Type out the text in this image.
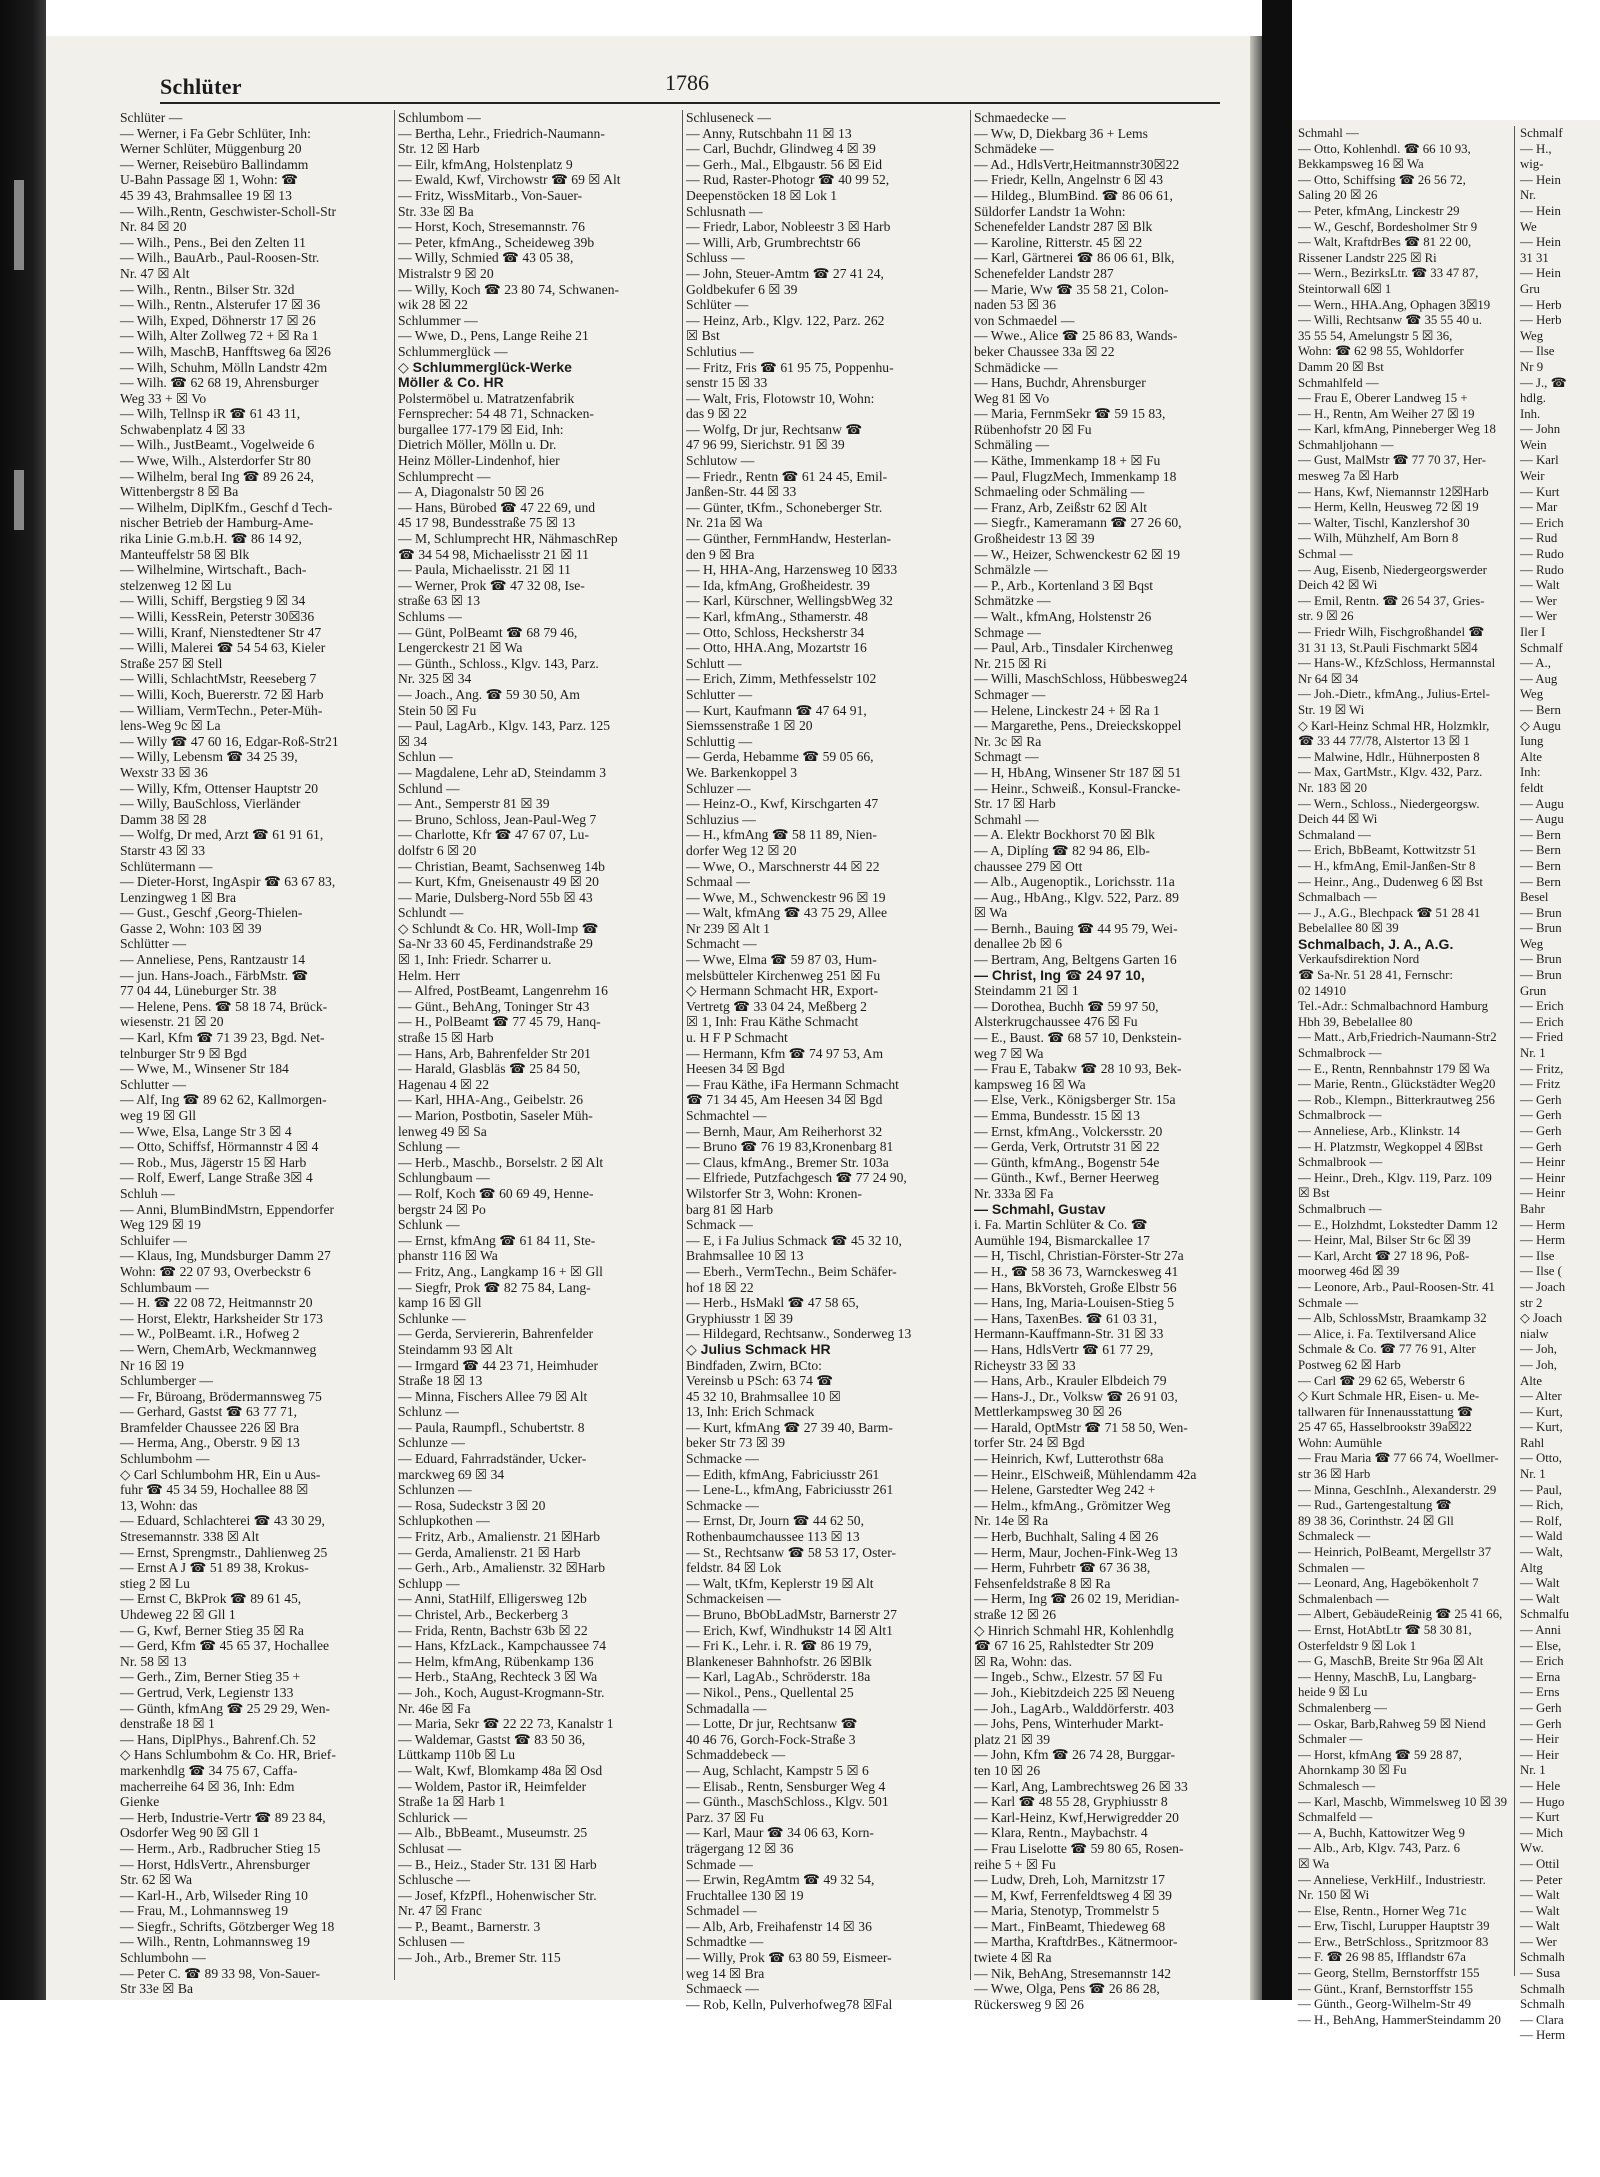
Schlüter	1786
Schlüter —
— Werner, i Fa Gebr Schlüter, Inh:
Werner Schlüter, Müggenburg 20
— Werner, Reisebüro Ballindamm
U-Bahn Passage ☒ 1, Wohn: ☎
45 39 43, Brahmsallee 19 ☒ 13
— Wilh.,Rentn, Geschwister-Scholl-Str
Nr. 84 ☒ 20
— Wilh., Pens., Bei den Zelten 11
— Wilh., BauArb., Paul-Roosen-Str.
Nr. 47 ☒ Alt
— Wilh., Rentn., Bilser Str. 32d
— Wilh., Rentn., Alsterufer 17 ☒ 36
— Wilh, Exped, Döhnerstr 17 ☒ 26
— Wilh, Alter Zollweg 72 + ☒ Ra 1
— Wilh, MaschB, Hanfftsweg 6a ☒26
— Wilh, Schuhm, Mölln Landstr 42m
— Wilh. ☎ 62 68 19, Ahrensburger
Weg 33 + ☒ Vo
— Wilh, Tellnsp iR ☎ 61 43 11,
Schwabenplatz 4 ☒ 33
— Wilh., JustBeamt., Vogelweide 6
— Wwe, Wilh., Alsterdorfer Str 80
— Wilhelm, beral Ing ☎ 89 26 24,
Wittenbergstr 8 ☒ Ba
— Wilhelm, DiplKfm., Geschf d Tech-
nischer Betrieb der Hamburg-Ame-
rika Linie G.m.b.H. ☎ 86 14 92,
Manteuffelstr 58 ☒ Blk
— Wilhelmine, Wirtschaft., Bach-
stelzenweg 12 ☒ Lu
— Willi, Schiff, Bergstieg 9 ☒ 34
— Willi, KessRein, Peterstr 30☒36
— Willi, Kranf, Nienstedtener Str 47
— Willi, Malerei ☎ 54 54 63, Kieler
Straße 257 ☒ Stell
— Willi, SchlachtMstr, Reeseberg 7
— Willi, Koch, Buererstr. 72 ☒ Harb
— William, VermTechn., Peter-Müh-
lens-Weg 9c ☒ La
— Willy ☎ 47 60 16, Edgar-Roß-Str21
— Willy, Lebensm ☎ 34 25 39,
Wexstr 33 ☒ 36
— Willy, Kfm, Ottenser Hauptstr 20
— Willy, BauSchloss, Vierländer
Damm 38 ☒ 28
— Wolfg, Dr med, Arzt ☎ 61 91 61,
Starstr 43 ☒ 33
Schlütermann —
— Dieter-Horst, IngAspir ☎ 63 67 83,
Lenzingweg 1 ☒ Bra
— Gust., Geschf ,Georg-Thielen-
Gasse 2, Wohn: 103 ☒ 39
Schlütter —
— Anneliese, Pens, Rantzaustr 14
— jun. Hans-Joach., FärbMstr. ☎
77 04 44, Lüneburger Str. 38
— Helene, Pens. ☎ 58 18 74, Brück-
wiesenstr. 21 ☒ 20
— Karl, Kfm ☎ 71 39 23, Bgd. Net-
telnburger Str 9 ☒ Bgd
— Wwe, M., Winsener Str 184
Schlutter —
— Alf, Ing ☎ 89 62 62, Kallmorgen-
weg 19 ☒ Gll
— Wwe, Elsa, Lange Str 3 ☒ 4
— Otto, Schiffsf, Hörmannstr 4 ☒ 4
— Rob., Mus, Jägerstr 15 ☒ Harb
— Rolf, Ewerf, Lange Straße 3☒ 4
Schluh —
— Anni, BlumBindMstrn, Eppendorfer
Weg 129 ☒ 19
Schluifer —
— Klaus, Ing, Mundsburger Damm 27
Wohn: ☎ 22 07 93, Overbeckstr 6
Schlumbaum —
— H. ☎ 22 08 72, Heitmannstr 20
— Horst, Elektr, Harksheider Str 173
— W., PolBeamt. i.R., Hofweg 2
— Wern, ChemArb, Weckmannweg
Nr 16 ☒ 19
Schlumberger —
— Fr, Büroang, Brödermannsweg 75
— Gerhard, Gastst ☎ 63 77 71,
Bramfelder Chaussee 226 ☒ Bra
— Herma, Ang., Oberstr. 9 ☒ 13
Schlumbohm —
◇ Carl Schlumbohm HR, Ein u Aus-
fuhr ☎ 45 34 59, Hochallee 88 ☒
13, Wohn: das
— Eduard, Schlachterei ☎ 43 30 29,
Stresemannstr. 338 ☒ Alt
— Ernst, Sprengmstr., Dahlienweg 25
— Ernst A J ☎ 51 89 38, Krokus-
stieg 2 ☒ Lu
— Ernst C, BkProk ☎ 89 61 45,
Uhdeweg 22 ☒ Gll 1
— G, Kwf, Berner Stieg 35 ☒ Ra
— Gerd, Kfm ☎ 45 65 37, Hochallee
Nr. 58 ☒ 13
— Gerh., Zim, Berner Stieg 35 +
— Gertrud, Verk, Legienstr 133
— Günth, kfmAng ☎ 25 29 29, Wen-
denstraße 18 ☒ 1
— Hans, DiplPhys., Bahrenf.Ch. 52
◇ Hans Schlumbohm & Co. HR, Brief-
markenhdlg ☎ 34 75 67, Caffa-
macherreihe 64 ☒ 36, Inh: Edm
Gienke
— Herb, Industrie-Vertr ☎ 89 23 84,
Osdorfer Weg 90 ☒ Gll 1
— Herm., Arb., Radbrucher Stieg 15
— Horst, HdlsVertr., Ahrensburger
Str. 62 ☒ Wa
— Karl-H., Arb, Wilseder Ring 10
— Frau, M., Lohmannsweg 19
— Siegfr., Schrifts, Götzberger Weg 18
— Wilh., Rentn, Lohmannsweg 19
Schlumbohn —
— Peter C. ☎ 89 33 98, Von-Sauer-
Str 33e ☒ Ba
Schlumbom —
— Bertha, Lehr., Friedrich-Naumann-
Str. 12 ☒ Harb
— Eilr, kfmAng, Holstenplatz 9
— Ewald, Kwf, Virchowstr ☎ 69 ☒ Alt
— Fritz, WissMitarb., Von-Sauer-
Str. 33e ☒ Ba
— Horst, Koch, Stresemannstr. 76
— Peter, kfmAng., Scheideweg 39b
— Willy, Schmied ☎ 43 05 38,
Mistralstr 9 ☒ 20
— Willy, Koch ☎ 23 80 74, Schwanen-
wik 28 ☒ 22
Schlummer —
— Wwe, D., Pens, Lange Reihe 21
Schlummerglück —
◇ Schlummerglück-Werke
Möller & Co. HR
Polstermöbel u. Matratzenfabrik
Fernsprecher: 54 48 71, Schnacken-
burgallee 177-179 ☒ Eid, Inh:
Dietrich Möller, Mölln u. Dr.
Heinz Möller-Lindenhof, hier
Schlumprecht —
— A, Diagonalstr 50 ☒ 26
— Hans, Bürobed ☎ 47 22 69, und
45 17 98, Bundesstraße 75 ☒ 13
— M, Schlumprecht HR, NähmaschRep
☎ 34 54 98, Michaelisstr 21 ☒ 11
— Paula, Michaelisstr. 21 ☒ 11
— Werner, Prok ☎ 47 32 08, Ise-
straße 63 ☒ 13
Schlums —
— Günt, PolBeamt ☎ 68 79 46,
Lengerckestr 21 ☒ Wa
— Günth., Schloss., Klgv. 143, Parz.
Nr. 325 ☒ 34
— Joach., Ang. ☎ 59 30 50, Am
Stein 50 ☒ Fu
— Paul, LagArb., Klgv. 143, Parz. 125
☒ 34
Schlun —
— Magdalene, Lehr aD, Steindamm 3
Schlund —
— Ant., Semperstr 81 ☒ 39
— Bruno, Schloss, Jean-Paul-Weg 7
— Charlotte, Kfr ☎ 47 67 07, Lu-
dolfstr 6 ☒ 20
— Christian, Beamt, Sachsenweg 14b
— Kurt, Kfm, Gneisenaustr 49 ☒ 20
— Marie, Dulsberg-Nord 55b ☒ 43
Schlundt —
◇ Schlundt & Co. HR, Woll-Imp ☎
Sa-Nr 33 60 45, Ferdinandstraße 29
☒ 1, Inh: Friedr. Scharrer u.
Helm. Herr
— Alfred, PostBeamt, Langenrehm 16
— Günt., BehAng, Toninger Str 43
— H., PolBeamt ☎ 77 45 79, Hanq-
straße 15 ☒ Harb
— Hans, Arb, Bahrenfelder Str 201
— Harald, Glasbläs ☎ 25 84 50,
Hagenau 4 ☒ 22
— Karl, HHA-Ang., Geibelstr. 26
— Marion, Postbotin, Saseler Müh-
lenweg 49 ☒ Sa
Schlung —
— Herb., Maschb., Borselstr. 2 ☒ Alt
Schlungbaum —
— Rolf, Koch ☎ 60 69 49, Henne-
bergstr 24 ☒ Po
Schlunk —
— Ernst, kfmAng ☎ 61 84 11, Ste-
phanstr 116 ☒ Wa
— Fritz, Ang., Langkamp 16 + ☒ Gll
— Siegfr, Prok ☎ 82 75 84, Lang-
kamp 16 ☒ Gll
Schlunke —
— Gerda, Serviererin, Bahrenfelder
Steindamm 93 ☒ Alt
— Irmgard ☎ 44 23 71, Heimhuder
Straße 18 ☒ 13
— Minna, Fischers Allee 79 ☒ Alt
Schlunz —
— Paula, Raumpfl., Schubertstr. 8
Schlunze —
— Eduard, Fahrradständer, Ucker-
marckweg 69 ☒ 34
Schlunzen —
— Rosa, Sudeckstr 3 ☒ 20
Schlupkothen —
— Fritz, Arb., Amalienstr. 21 ☒Harb
— Gerda, Amalienstr. 21 ☒ Harb
— Gerh., Arb., Amalienstr. 32 ☒Harb
Schlupp —
— Anni, StatHilf, Elligersweg 12b
— Christel, Arb., Beckerberg 3
— Frida, Rentn, Bachstr 63b ☒ 22
— Hans, KfzLack., Kampchaussee 74
— Helm, kfmAng, Rübenkamp 136
— Herb., StaAng, Rechteck 3 ☒ Wa
— Joh., Koch, August-Krogmann-Str.
Nr. 46e ☒ Fa
— Maria, Sekr ☎ 22 22 73, Kanalstr 1
— Waldemar, Gastst ☎ 83 50 36,
Lüttkamp 110b ☒ Lu
— Walt, Kwf, Blomkamp 48a ☒ Osd
— Woldem, Pastor iR, Heimfelder
Straße 1a ☒ Harb 1
Schlurick —
— Alb., BbBeamt., Museumstr. 25
Schlusat —
— B., Heiz., Stader Str. 131 ☒ Harb
Schlusche —
— Josef, KfzPfl., Hohenwischer Str.
Nr. 47 ☒ Franc
— P., Beamt., Barnerstr. 3
Schlusen —
— Joh., Arb., Bremer Str. 115
Schluseneck —
— Anny, Rutschbahn 11 ☒ 13
— Carl, Buchdr, Glindweg 4 ☒ 39
— Gerh., Mal., Elbgaustr. 56 ☒ Eid
— Rud, Raster-Photogr ☎ 40 99 52,
Deepenstöcken 18 ☒ Lok 1
Schlusnath —
— Friedr, Labor, Nobleestr 3 ☒ Harb
— Willi, Arb, Grumbrechtstr 66
Schluss —
— John, Steuer-Amtm ☎ 27 41 24,
Goldbekufer 6 ☒ 39
Schlüter —
— Heinz, Arb., Klgv. 122, Parz. 262
☒ Bst
Schlutius —
— Fritz, Fris ☎ 61 95 75, Poppenhu-
senstr 15 ☒ 33
— Walt, Fris, Flotowstr 10, Wohn:
das 9 ☒ 22
— Wolfg, Dr jur, Rechtsanw ☎
47 96 99, Sierichstr. 91 ☒ 39
Schlutow —
— Friedr., Rentn ☎ 61 24 45, Emil-
Janßen-Str. 44 ☒ 33
— Günter, tKfm., Schoneberger Str.
Nr. 21a ☒ Wa
— Günther, FernmHandw, Hesterlan-
den 9 ☒ Bra
— H, HHA-Ang, Harzensweg 10 ☒33
— Ida, kfmAng, Großheidestr. 39
— Karl, Kürschner, WellingsbWeg 32
— Karl, kfmAng., Sthamerstr. 48
— Otto, Schloss, Hecksherstr 34
— Otto, HHA.Ang, Mozartstr 16
Schlutt —
— Erich, Zimm, Methfesselstr 102
Schlutter —
— Kurt, Kaufmann ☎ 47 64 91,
Siemssenstraße 1 ☒ 20
Schluttig —
— Gerda, Hebamme ☎ 59 05 66,
We. Barkenkoppel 3
Schluzer —
— Heinz-O., Kwf, Kirschgarten 47
Schluzius —
— H., kfmAng ☎ 58 11 89, Nien-
dorfer Weg 12 ☒ 20
— Wwe, O., Marschnerstr 44 ☒ 22
Schmaal —
— Wwe, M., Schwenckestr 96 ☒ 19
— Walt, kfmAng ☎ 43 75 29, Allee
Nr 239 ☒ Alt 1
Schmacht —
— Wwe, Elma ☎ 59 87 03, Hum-
melsbütteler Kirchenweg 251 ☒ Fu
◇ Hermann Schmacht HR, Export-
Vertretg ☎ 33 04 24, Meßberg 2
☒ 1, Inh: Frau Käthe Schmacht
u. H F P Schmacht
— Hermann, Kfm ☎ 74 97 53, Am
Heesen 34 ☒ Bgd
— Frau Käthe, iFa Hermann Schmacht
☎ 71 34 45, Am Heesen 34 ☒ Bgd
Schmachtel —
— Bernh, Maur, Am Reiherhorst 32
— Bruno ☎ 76 19 83,Kronenbarg 81
— Claus, kfmAng., Bremer Str. 103a
— Elfriede, Putzfachgesch ☎ 77 24 90,
Wilstorfer Str 3, Wohn: Kronen-
barg 81 ☒ Harb
Schmack —
— E, i Fa Julius Schmack ☎ 45 32 10,
Brahmsallee 10 ☒ 13
— Eberh., VermTechn., Beim Schäfer-
hof 18 ☒ 22
— Herb., HsMakl ☎ 47 58 65,
Gryphiusstr 1 ☒ 39
— Hildegard, Rechtsanw., Sonderweg 13
◇ Julius Schmack HR
Bindfaden, Zwirn, BCto:
Vereinsb u PSch: 63 74 ☎
45 32 10, Brahmsallee 10 ☒
13, Inh: Erich Schmack
— Kurt, kfmAng ☎ 27 39 40, Barm-
beker Str 73 ☒ 39
Schmacke —
— Edith, kfmAng, Fabriciusstr 261
— Lene-L., kfmAng, Fabriciusstr 261
Schmacke —
— Ernst, Dr, Journ ☎ 44 62 50,
Rothenbaumchaussee 113 ☒ 13
— St., Rechtsanw ☎ 58 53 17, Oster-
feldstr. 84 ☒ Lok
— Walt, tKfm, Keplerstr 19 ☒ Alt
Schmackeisen —
— Bruno, BbObLadMstr, Barnerstr 27
— Erich, Kwf, Windhukstr 14 ☒ Alt1
— Fri K., Lehr. i. R. ☎ 86 19 79,
Blankeneser Bahnhofstr. 26 ☒Blk
— Karl, LagAb., Schröderstr. 18a
— Nikol., Pens., Quellental 25
Schmadalla —
— Lotte, Dr jur, Rechtsanw ☎
40 46 76, Gorch-Fock-Straße 3
Schmaddebeck —
— Aug, Schlacht, Kampstr 5 ☒ 6
— Elisab., Rentn, Sensburger Weg 4
— Günth., MaschSchloss., Klgv. 501
Parz. 37 ☒ Fu
— Karl, Maur ☎ 34 06 63, Korn-
trägergang 12 ☒ 36
Schmade —
— Erwin, RegAmtm ☎ 49 32 54,
Fruchtallee 130 ☒ 19
Schmadel —
— Alb, Arb, Freihafenstr 14 ☒ 36
Schmadtke —
— Willy, Prok ☎ 63 80 59, Eismeer-
weg 14 ☒ Bra
Schmaeck —
— Rob, Kelln, Pulverhofweg78 ☒Fal
Schmaedecke —
— Ww, D, Diekbarg 36 + Lems
Schmädeke —
— Ad., HdlsVertr,Heitmannstr30☒22
— Friedr, Kelln, Angelnstr 6 ☒ 43
— Hildeg., BlumBind. ☎ 86 06 61,
Süldorfer Landstr 1a Wohn:
Schenefelder Landstr 287 ☒ Blk
— Karoline, Ritterstr. 45 ☒ 22
— Karl, Gärtnerei ☎ 86 06 61, Blk,
Schenefelder Landstr 287
— Marie, Ww ☎ 35 58 21, Colon-
naden 53 ☒ 36
von Schmaedel —
— Wwe., Alice ☎ 25 86 83, Wands-
beker Chaussee 33a ☒ 22
Schmädicke —
— Hans, Buchdr, Ahrensburger
Weg 81 ☒ Vo
— Maria, FernmSekr ☎ 59 15 83,
Rübenhofstr 20 ☒ Fu
Schmäling —
— Käthe, Immenkamp 18 + ☒ Fu
— Paul, FlugzMech, Immenkamp 18
Schmaeling oder Schmäling —
— Franz, Arb, Zeißstr 62 ☒ Alt
— Siegfr., Kameramann ☎ 27 26 60,
Großheidestr 13 ☒ 39
— W., Heizer, Schwenckestr 62 ☒ 19
Schmälzle —
— P., Arb., Kortenland 3 ☒ Bqst
Schmätzke —
— Walt., kfmAng, Holstenstr 26
Schmage —
— Paul, Arb., Tinsdaler Kirchenweg
Nr. 215 ☒ Ri
— Willi, MaschSchloss, Hübbesweg24
Schmager —
— Helene, Linckestr 24 + ☒ Ra 1
— Margarethe, Pens., Dreieckskoppel
Nr. 3c ☒ Ra
Schmagt —
— H, HbAng, Winsener Str 187 ☒ 51
— Heinr., Schweiß., Konsul-Francke-
Str. 17 ☒ Harb
Schmahl —
— A. Elektr Bockhorst 70 ☒ Blk
— A, Diplíng ☎ 82 94 86, Elb-
chaussee 279 ☒ Ott
— Alb., Augenoptik., Lorichsstr. 11a
— Aug., HbAng., Klgv. 522, Parz. 89
☒ Wa
— Bernh., Bauing ☎ 44 95 79, Wei-
denallee 2b ☒ 6
— Bertram, Ang, Beltgens Garten 16
— Christ, Ing ☎ 24 97 10,
Steindamm 21 ☒ 1
— Dorothea, Buchh ☎ 59 97 50,
Alsterkrugchaussee 476 ☒ Fu
— E., Baust. ☎ 68 57 10, Denkstein-
weg 7 ☒ Wa
— Frau E, Tabakw ☎ 28 10 93, Bek-
kampsweg 16 ☒ Wa
— Else, Verk., Königsberger Str. 15a
— Emma, Bundesstr. 15 ☒ 13
— Ernst, kfmAng., Volckersstr. 20
— Gerda, Verk, Ortrutstr 31 ☒ 22
— Günth, kfmAng., Bogenstr 54e
— Günth., Kwf., Berner Heerweg
Nr. 333a ☒ Fa
— Schmahl, Gustav
i. Fa. Martin Schlüter & Co. ☎
Aumühle 194, Bismarckallee 17
— H, Tischl, Christian-Förster-Str 27a
— H., ☎ 58 36 73, Warnckesweg 41
— Hans, BkVorsteh, Große Elbstr 56
— Hans, Ing, Maria-Louisen-Stieg 5
— Hans, TaxenBes. ☎ 61 03 31,
Hermann-Kauffmann-Str. 31 ☒ 33
— Hans, HdlsVertr ☎ 61 77 29,
Richeystr 33 ☒ 33
— Hans, Arb., Krauler Elbdeich 79
— Hans-J., Dr., Volksw ☎ 26 91 03,
Mettlerkampsweg 30 ☒ 26
— Harald, OptMstr ☎ 71 58 50, Wen-
torfer Str. 24 ☒ Bgd
— Heinrich, Kwf, Lutterothstr 68a
— Heinr., ElSchweiß, Mühlendamm 42a
— Helene, Garstedter Weg 242 +
— Helm., kfmAng., Grömitzer Weg
Nr. 14e ☒ Ra
— Herb, Buchhalt, Saling 4 ☒ 26
— Herm, Maur, Jochen-Fink-Weg 13
— Herm, Fuhrbetr ☎ 67 36 38,
Fehsenfeldstraße 8 ☒ Ra
— Herm, Ing ☎ 26 02 19, Meridian-
straße 12 ☒ 26
◇ Hinrich Schmahl HR, Kohlenhdlg
☎ 67 16 25, Rahlstedter Str 209
☒ Ra, Wohn: das.
— Ingeb., Schw., Elzestr. 57 ☒ Fu
— Joh., Kiebitzdeich 225 ☒ Neueng
— Joh., LagArb., Walddörferstr. 403
— Johs, Pens, Winterhuder Markt-
platz 21 ☒ 39
— John, Kfm ☎ 26 74 28, Burggar-
ten 10 ☒ 26
— Karl, Ang, Lambrechtsweg 26 ☒ 33
— Karl ☎ 48 55 28, Gryphiusstr 8
— Karl-Heinz, Kwf,Herwigredder 20
— Klara, Rentn., Maybachstr. 4
— Frau Liselotte ☎ 59 80 65, Rosen-
reihe 5 + ☒ Fu
— Ludw, Dreh, Loh, Marnitzstr 17
— M, Kwf, Ferrenfeldtsweg 4 ☒ 39
— Maria, Stenotyp, Trommelstr 5
— Mart., FinBeamt, Thiedeweg 68
— Martha, KraftdrBes., Kätnermoor-
twiete 4 ☒ Ra
— Nik, BehAng, Stresemannstr 142
— Wwe, Olga, Pens ☎ 26 86 28,
Rückersweg 9 ☒ 26
Schmahl —
— Otto, Kohlenhdl. ☎ 66 10 93,
Bekkampsweg 16 ☒ Wa
— Otto, Schiffsing ☎ 26 56 72,
Saling 20 ☒ 26
— Peter, kfmAng, Linckestr 29
— W., Geschf, Bordesholmer Str 9
— Walt, KraftdrBes ☎ 81 22 00,
Rissener Landstr 225 ☒ Ri
— Wern., BezirksLtr. ☎ 33 47 87,
Steintorwall 6☒ 1
— Wern., HHA.Ang, Ophagen 3☒19
— Willi, Rechtsanw ☎ 35 55 40 u.
35 55 54, Amelungstr 5 ☒ 36,
Wohn: ☎ 62 98 55, Wohldorfer
Damm 20 ☒ Bst
Schmahlfeld —
— Frau E, Oberer Landweg 15 +
— H., Rentn, Am Weiher 27 ☒ 19
— Karl, kfmAng, Pinneberger Weg 18
Schmahljohann —
— Gust, MalMstr ☎ 77 70 37, Her-
mesweg 7a ☒ Harb
— Hans, Kwf, Niemannstr 12☒Harb
— Herm, Kelln, Heusweg 72 ☒ 19
— Walter, Tischl, Kanzlershof 30
— Wilh, Mühzhelf, Am Born 8
Schmal —
— Aug, Eisenb, Niedergeorgswerder
Deich 42 ☒ Wi
— Emil, Rentn. ☎ 26 54 37, Gries-
str. 9 ☒ 26
— Friedr Wilh, Fischgroßhandel ☎
31 31 13, St.Pauli Fischmarkt 5☒4
— Hans-W., KfzSchloss, Hermannstal
Nr 64 ☒ 34
— Joh.-Dietr., kfmAng., Julius-Ertel-
Str. 19 ☒ Wi
◇ Karl-Heinz Schmal HR, Holzmklr,
☎ 33 44 77/78, Alstertor 13 ☒ 1
— Malwine, Hdlr., Hühnerposten 8
— Max, GartMstr., Klgv. 432, Parz.
Nr. 183 ☒ 20
— Wern., Schloss., Niedergeorgsw.
Deich 44 ☒ Wi
Schmaland —
— Erich, BbBeamt, Kottwitzstr 51
— H., kfmAng, Emil-Janßen-Str 8
— Heinr., Ang., Dudenweg 6 ☒ Bst
Schmalbach —
— J., A.G., Blechpack ☎ 51 28 41
Bebelallee 80 ☒ 39
Schmalbach, J. A., A.G.
Verkaufsdirektion Nord
☎ Sa-Nr. 51 28 41, Fernschr:
02 14910
Tel.-Adr.: Schmalbachnord Hamburg
Hbh 39, Bebelallee 80
— Matt., Arb,Friedrich-Naumann-Str2
Schmalbrock —
— E., Rentn, Rennbahnstr 179 ☒ Wa
— Marie, Rentn., Glückstädter Weg20
— Rob., Klempn., Bitterkrautweg 256
Schmalbrock —
— Anneliese, Arb., Klinkstr. 14
— H. Platzmstr, Wegkoppel 4 ☒Bst
Schmalbrook —
— Heinr., Dreh., Klgv. 119, Parz. 109
☒ Bst
Schmalbruch —
— E., Holzhdmt, Lokstedter Damm 12
— Heinr, Mal, Bilser Str 6c ☒ 39
— Karl, Archt ☎ 27 18 96, Poß-
moorweg 46d ☒ 39
— Leonore, Arb., Paul-Roosen-Str. 41
Schmale —
— Alb, SchlossMstr, Braamkamp 32
— Alice, i. Fa. Textilversand Alice
Schmale & Co. ☎ 77 76 91, Alter
Postweg 62 ☒ Harb
— Carl ☎ 29 62 65, Weberstr 6
◇ Kurt Schmale HR, Eisen- u. Me-
tallwaren für Innenausstattung ☎
25 47 65, Hasselbrookstr 39a☒22
Wohn: Aumühle
— Frau Maria ☎ 77 66 74, Woellmer-
str 36 ☒ Harb
— Minna, GeschInh., Alexanderstr. 29
— Rud., Gartengestaltung ☎
89 38 36, Corinthstr. 24 ☒ Gll
Schmaleck —
— Heinrich, PolBeamt, Mergellstr 37
Schmalen —
— Leonard, Ang, Hagebökenholt 7
Schmalenbach —
— Albert, GebäudeReinig ☎ 25 41 66,
— Ernst, HotAbtLtr ☎ 58 30 81,
Osterfeldstr 9 ☒ Lok 1
— G, MaschB, Breite Str 96a ☒ Alt
— Henny, MaschB, Lu, Langbarg-
heide 9 ☒ Lu
Schmalenberg —
— Oskar, Barb,Rahweg 59 ☒ Niend
Schmaler —
— Horst, kfmAng ☎ 59 28 87,
Ahornkamp 30 ☒ Fu
Schmalesch —
— Karl, Maschb, Wimmelsweg 10 ☒ 39
Schmalfeld —
— A, Buchh, Kattowitzer Weg 9
— Alb., Arb, Klgv. 743, Parz. 6
☒ Wa
— Anneliese, VerkHilf., Industriestr.
Nr. 150 ☒ Wi
— Else, Rentn., Horner Weg 71c
— Erw, Tischl, Lurupper Hauptstr 39
— Erw., BetrSchloss., Spritzmoor 83
— F. ☎ 26 98 85, Ifflandstr 67a
— Georg, Stellm, Bernstorffstr 155
— Günt., Kranf, Bernstorffstr 155
— Günth., Georg-Wilhelm-Str 49
— H., BehAng, HammerSteindamm 20
Schmalf
— H.,
wig-
— Hein
Nr.
— Hein
We
— Hein
31 31
— Hein
Gru
— Herb
— Herb
Weg
— Ilse
Nr 9
— J., ☎
hdlg.
Inh.
— John
Wein
— Karl
Weir
— Kurt
— Mar
— Erich
— Rud
— Rudo
— Rudo
— Walt
— Wer
— Wer
Iler I
Schmalf
— A.,
— Aug
Weg
— Bern
◇ Augu
Iung
Alte
Inh:
feldt
— Augu
— Augu
— Bern
— Bern
— Bern
— Bern
Besel
— Brun
— Brun
Weg
— Brun
— Brun
Grun
— Erich
— Erich
— Fried
Nr. 1
— Fritz,
— Fritz
— Gerh
— Gerh
— Gerh
— Gerh
— Heinr
— Heinr
— Heinr
Bahr
— Herm
— Herm
— Ilse
— Ilse (
— Joach
str 2
◇ Joach
nialw
— Joh,
— Joh,
Alte
— Alter
— Kurt,
— Kurt,
Rahl
— Otto,
Nr. 1
— Paul,
— Rich,
— Rolf,
— Wald
— Walt,
Altg
— Walt
— Walt
Schmalfu
— Anni
— Else,
— Erich
— Erna
— Erns
— Gerh
— Gerh
— Heir
— Heir
Nr. 1
— Hele
— Hugo
— Kurt
— Mich
Ww.
— Ottil
— Peter
— Walt
— Walt
— Walt
— Wer
Schmalh
— Susa
Schmalh
Schmalh
— Clara
— Herm
